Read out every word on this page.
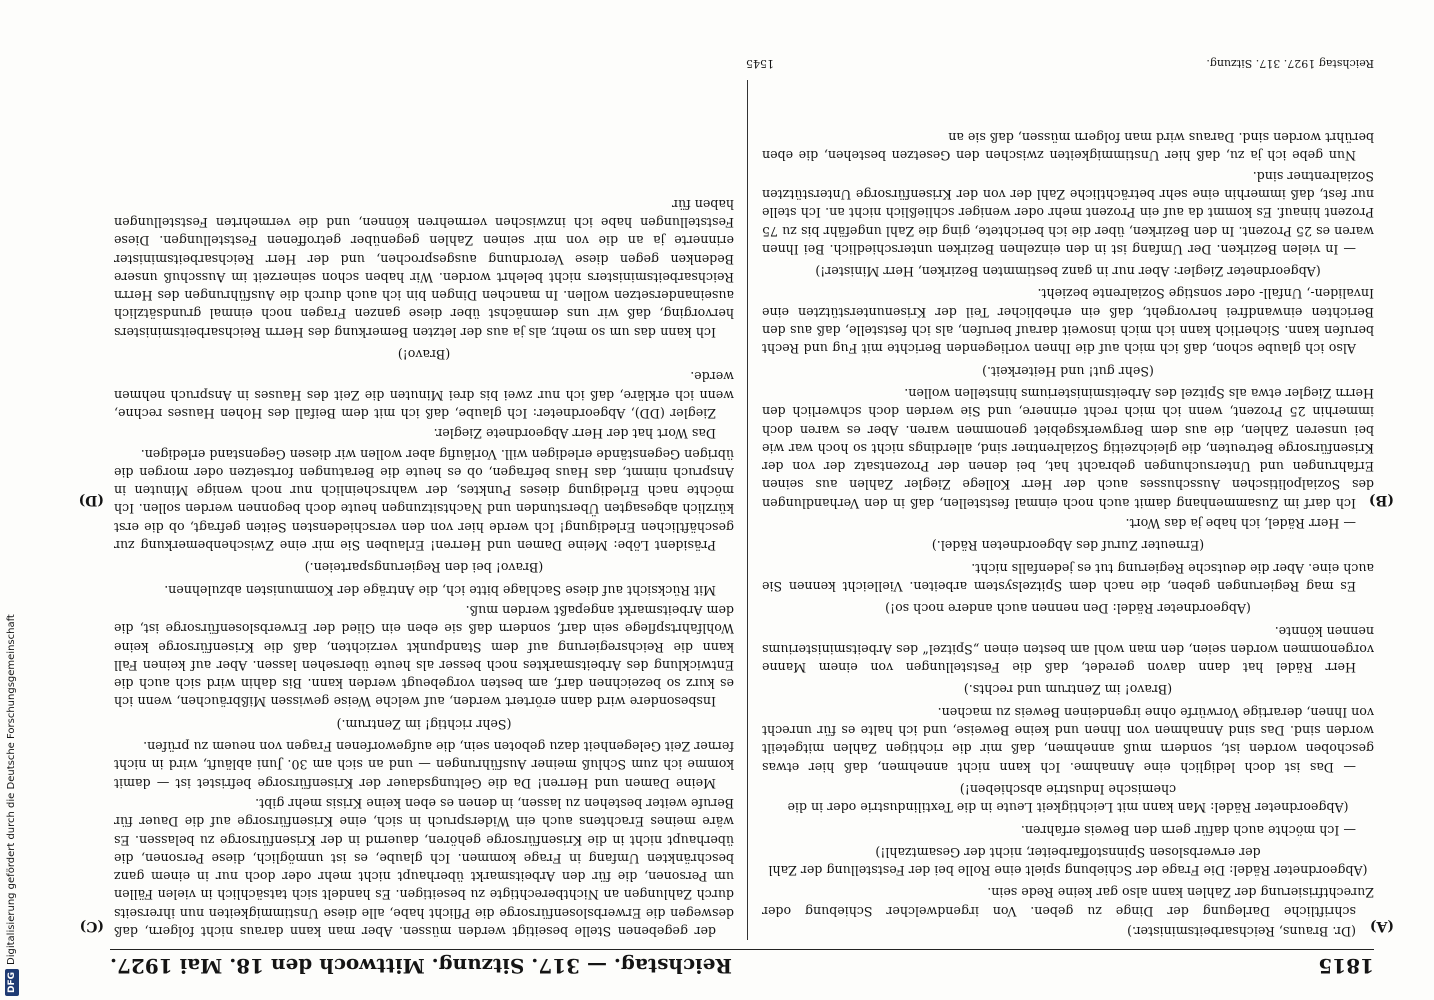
DFG
Digitalisierung gefördert durch die Deutsche Forschungsgemeinschaft
1815
Reichstag. — 317. Sitzung. Mittwoch den 18. Mai 1927.
(C)
(D)
(A)
(B)

der gegebenen Stelle beseitigt werden müssen. Aber man kann daraus nicht folgern, daß deswegen die Erwerbslosenfürsorge die Pflicht habe, alle diese Unstimmigkeiten nun ihrerseits durch Zahlungen an Nichtberechtigte zu beseitigen. Es handelt sich tatsächlich in vielen Fällen um Personen, die für den Arbeitsmarkt überhaupt nicht mehr oder doch nur in einem ganz beschränkten Umfang in Frage kommen. Ich glaube, es ist unmöglich, diese Personen, die überhaupt nicht in die Krisenfürsorge gehören, dauernd in der Krisenfürsorge zu belassen. Es wäre meines Erachtens auch ein Widerspruch in sich, eine Krisenfürsorge auf die Dauer für Berufe weiter bestehen zu lassen, in denen es eben keine Krisis mehr gibt.

Meine Damen und Herren! Da die Geltungsdauer der Krisenfürsorge befristet ist — damit komme ich zum Schluß meiner Ausführungen — und an sich am 30. Juni abläuft, wird in nicht ferner Zeit Gelegenheit dazu geboten sein, die aufgeworfenen Fragen von neuem zu prüfen.

(Sehr richtig! im Zentrum.)

Insbesondere wird dann erörtert werden, auf welche Weise gewissen Mißbräuchen, wenn ich es kurz so bezeichnen darf, am besten vorgebeugt werden kann. Bis dahin wird sich auch die Entwicklung des Arbeitsmarktes noch besser als heute übersehen lassen. Aber auf keinen Fall kann die Reichsregierung auf dem Standpunkt verzichten, daß die Krisenfürsorge keine Wohlfahrtspflege sein darf, sondern daß sie eben ein Glied der Erwerbslosenfürsorge ist, die dem Arbeitsmarkt angepaßt werden muß.

Mit Rücksicht auf diese Sachlage bitte ich, die Anträge der Kommunisten abzulehnen.

(Bravo! bei den Regierungsparteien.)

Präsident Löbe: Meine Damen und Herren! Erlauben Sie mir eine Zwischenbemerkung zur geschäftlichen Erledigung! Ich werde hier von den verschiedensten Seiten gefragt, ob die erst kürzlich abgesagten Überstunden und Nachtsitzungen heute doch begonnen werden sollen. Ich möchte nach Erledigung dieses Punktes, der wahrscheinlich nur noch wenige Minuten in Anspruch nimmt, das Haus befragen, ob es heute die Beratungen fortsetzen oder morgen die übrigen Gegenstände erledigen will. Vorläufig aber wollen wir diesen Gegenstand erledigen.

Das Wort hat der Herr Abgeordnete Ziegler.

Ziegler (DD), Abgeordneter: Ich glaube, daß ich mit dem Beifall des Hohen Hauses rechne, wenn ich erkläre, daß ich nur zwei bis drei Minuten die Zeit des Hauses in Anspruch nehmen werde.

(Bravo!)

Ich kann das um so mehr, als ja aus der letzten Bemerkung des Herrn Reichsarbeitsministers hervorging, daß wir uns demnächst über diese ganzen Fragen noch einmal grundsätzlich auseinandersetzen wollen. In manchen Dingen bin ich auch durch die Ausführungen des Herrn Reichsarbeitsministers nicht belehrt worden. Wir haben schon seinerzeit im Ausschuß unsere Bedenken gegen diese Verordnung ausgesprochen, und der Herr Reichsarbeitsminister erinnerte ja an die von mir seinen Zahlen gegenüber getroffenen Feststellungen. Diese Feststellungen habe ich inzwischen vermehren können, und die vermehrten Feststellungen haben für

(Dr. Brauns, Reichsarbeitsminister.)

schriftliche Darlegung der Dinge zu geben. Von irgendwelcher Schiebung oder Zurechtfrisierung der Zahlen kann also gar keine Rede sein.

(Abgeordneter Rädel: Die Frage der Schiebung spielt eine Rolle bei der Feststellung der Zahl der erwerbslosen Spinnstoffarbeiter, nicht der Gesamtzahl!)

— Ich möchte auch dafür gern den Beweis erfahren.

(Abgeordneter Rädel: Man kann mit Leichtigkeit Leute in die Textilindustrie oder in die chemische Industrie abschieben!)

— Das ist doch lediglich eine Annahme. Ich kann nicht annehmen, daß hier etwas geschoben worden ist, sondern muß annehmen, daß mir die richtigen Zahlen mitgeteilt worden sind. Das sind Annahmen von Ihnen und keine Beweise, und ich halte es für unrecht von Ihnen, derartige Vorwürfe ohne irgendeinen Beweis zu machen.

(Bravo! im Zentrum und rechts.)

Herr Rädel hat dann davon geredet, daß die Feststellungen von einem Manne vorgenommen worden seien, den man wohl am besten einen „Spitzel“ des Arbeitsministeriums nennen könnte.

(Abgeordneter Rädel: Den nennen auch andere noch so!)

Es mag Regierungen geben, die nach dem Spitzelsystem arbeiten. Vielleicht kennen Sie auch eine. Aber die deutsche Regierung tut es jedenfalls nicht.

(Erneuter Zuruf des Abgeordneten Rädel.)

— Herr Rädel, ich habe ja das Wort.

Ich darf im Zusammenhang damit auch noch einmal feststellen, daß in den Verhandlungen des Sozialpolitischen Ausschusses auch der Herr Kollege Ziegler Zahlen aus seinen Erfahrungen und Untersuchungen gebracht hat, bei denen der Prozentsatz der von der Krisenfürsorge Betreuten, die gleichzeitig Sozialrentner sind, allerdings nicht so hoch war wie bei unseren Zahlen, die aus dem Bergwerksgebiet genommen waren. Aber es waren doch immerhin 25 Prozent, wenn ich mich recht erinnere, und Sie werden doch schwerlich den Herrn Ziegler etwa als Spitzel des Arbeitsministeriums hinstellen wollen.

(Sehr gut! und Heiterkeit.)

Also ich glaube schon, daß ich mich auf die Ihnen vorliegenden Berichte mit Fug und Recht berufen kann. Sicherlich kann ich mich insoweit darauf berufen, als ich feststelle, daß aus den Berichten einwandfrei hervorgeht, daß ein erheblicher Teil der Krisenunterstützten eine Invaliden-, Unfall- oder sonstige Sozialrente bezieht.

(Abgeordneter Ziegler: Aber nur in ganz bestimmten Bezirken, Herr Minister!)

— In vielen Bezirken. Der Umfang ist in den einzelnen Bezirken unterschiedlich. Bei Ihnen waren es 25 Prozent. In den Bezirken, über die ich berichtete, ging die Zahl ungefähr bis zu 75 Prozent hinauf. Es kommt da auf ein Prozent mehr oder weniger schließlich nicht an. Ich stelle nur fest, daß immerhin eine sehr beträchtliche Zahl der von der Krisenfürsorge Unterstützten Sozialrentner sind.

Nun gebe ich ja zu, daß hier Unstimmigkeiten zwischen den Gesetzen bestehen, die eben berührt worden sind. Daraus wird man folgern müssen, daß sie an

Reichstag 1927. 317. Sitzung.
1545
